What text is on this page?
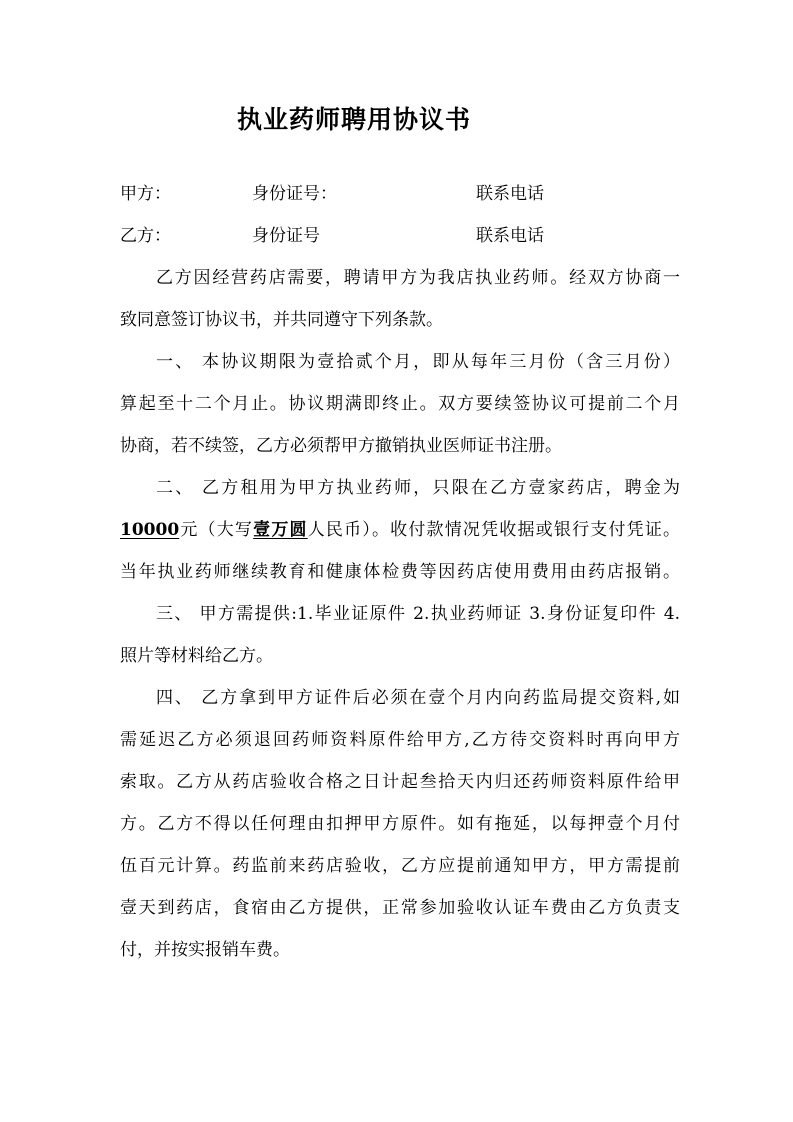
执业药师聘用协议书
甲方：	身份证号：	联系电话
乙方：	身份证号	联系电话
乙方因经营药店需要，聘请甲方为我店执业药师。经双方协商一
致同意签订协议书，并共同遵守下列条款。
一、 本协议期限为壹拾贰个月，即从每年三月份（含三月份）
算起至十二个月止。协议期满即终止。双方要续签协议可提前二个月
协商，若不续签，乙方必须帮甲方撤销执业医师证书注册。
二、 乙方租用为甲方执业药师，只限在乙方壹家药店，聘金为
10000元（大写壹万圆人民币）。收付款情况凭收据或银行支付凭证。
当年执业药师继续教育和健康体检费等因药店使用费用由药店报销。
三、 甲方需提供:1.毕业证原件 2.执业药师证 3.身份证复印件 4.
照片等材料给乙方。
四、 乙方拿到甲方证件后必须在壹个月内向药监局提交资料,如
需延迟乙方必须退回药师资料原件给甲方,乙方待交资料时再向甲方
索取。乙方从药店验收合格之日计起叁拾天内归还药师资料原件给甲
方。乙方不得以任何理由扣押甲方原件。如有拖延，以每押壹个月付
伍百元计算。药监前来药店验收，乙方应提前通知甲方，甲方需提前
壹天到药店，食宿由乙方提供，正常参加验收认证车费由乙方负责支
付，并按实报销车费。
